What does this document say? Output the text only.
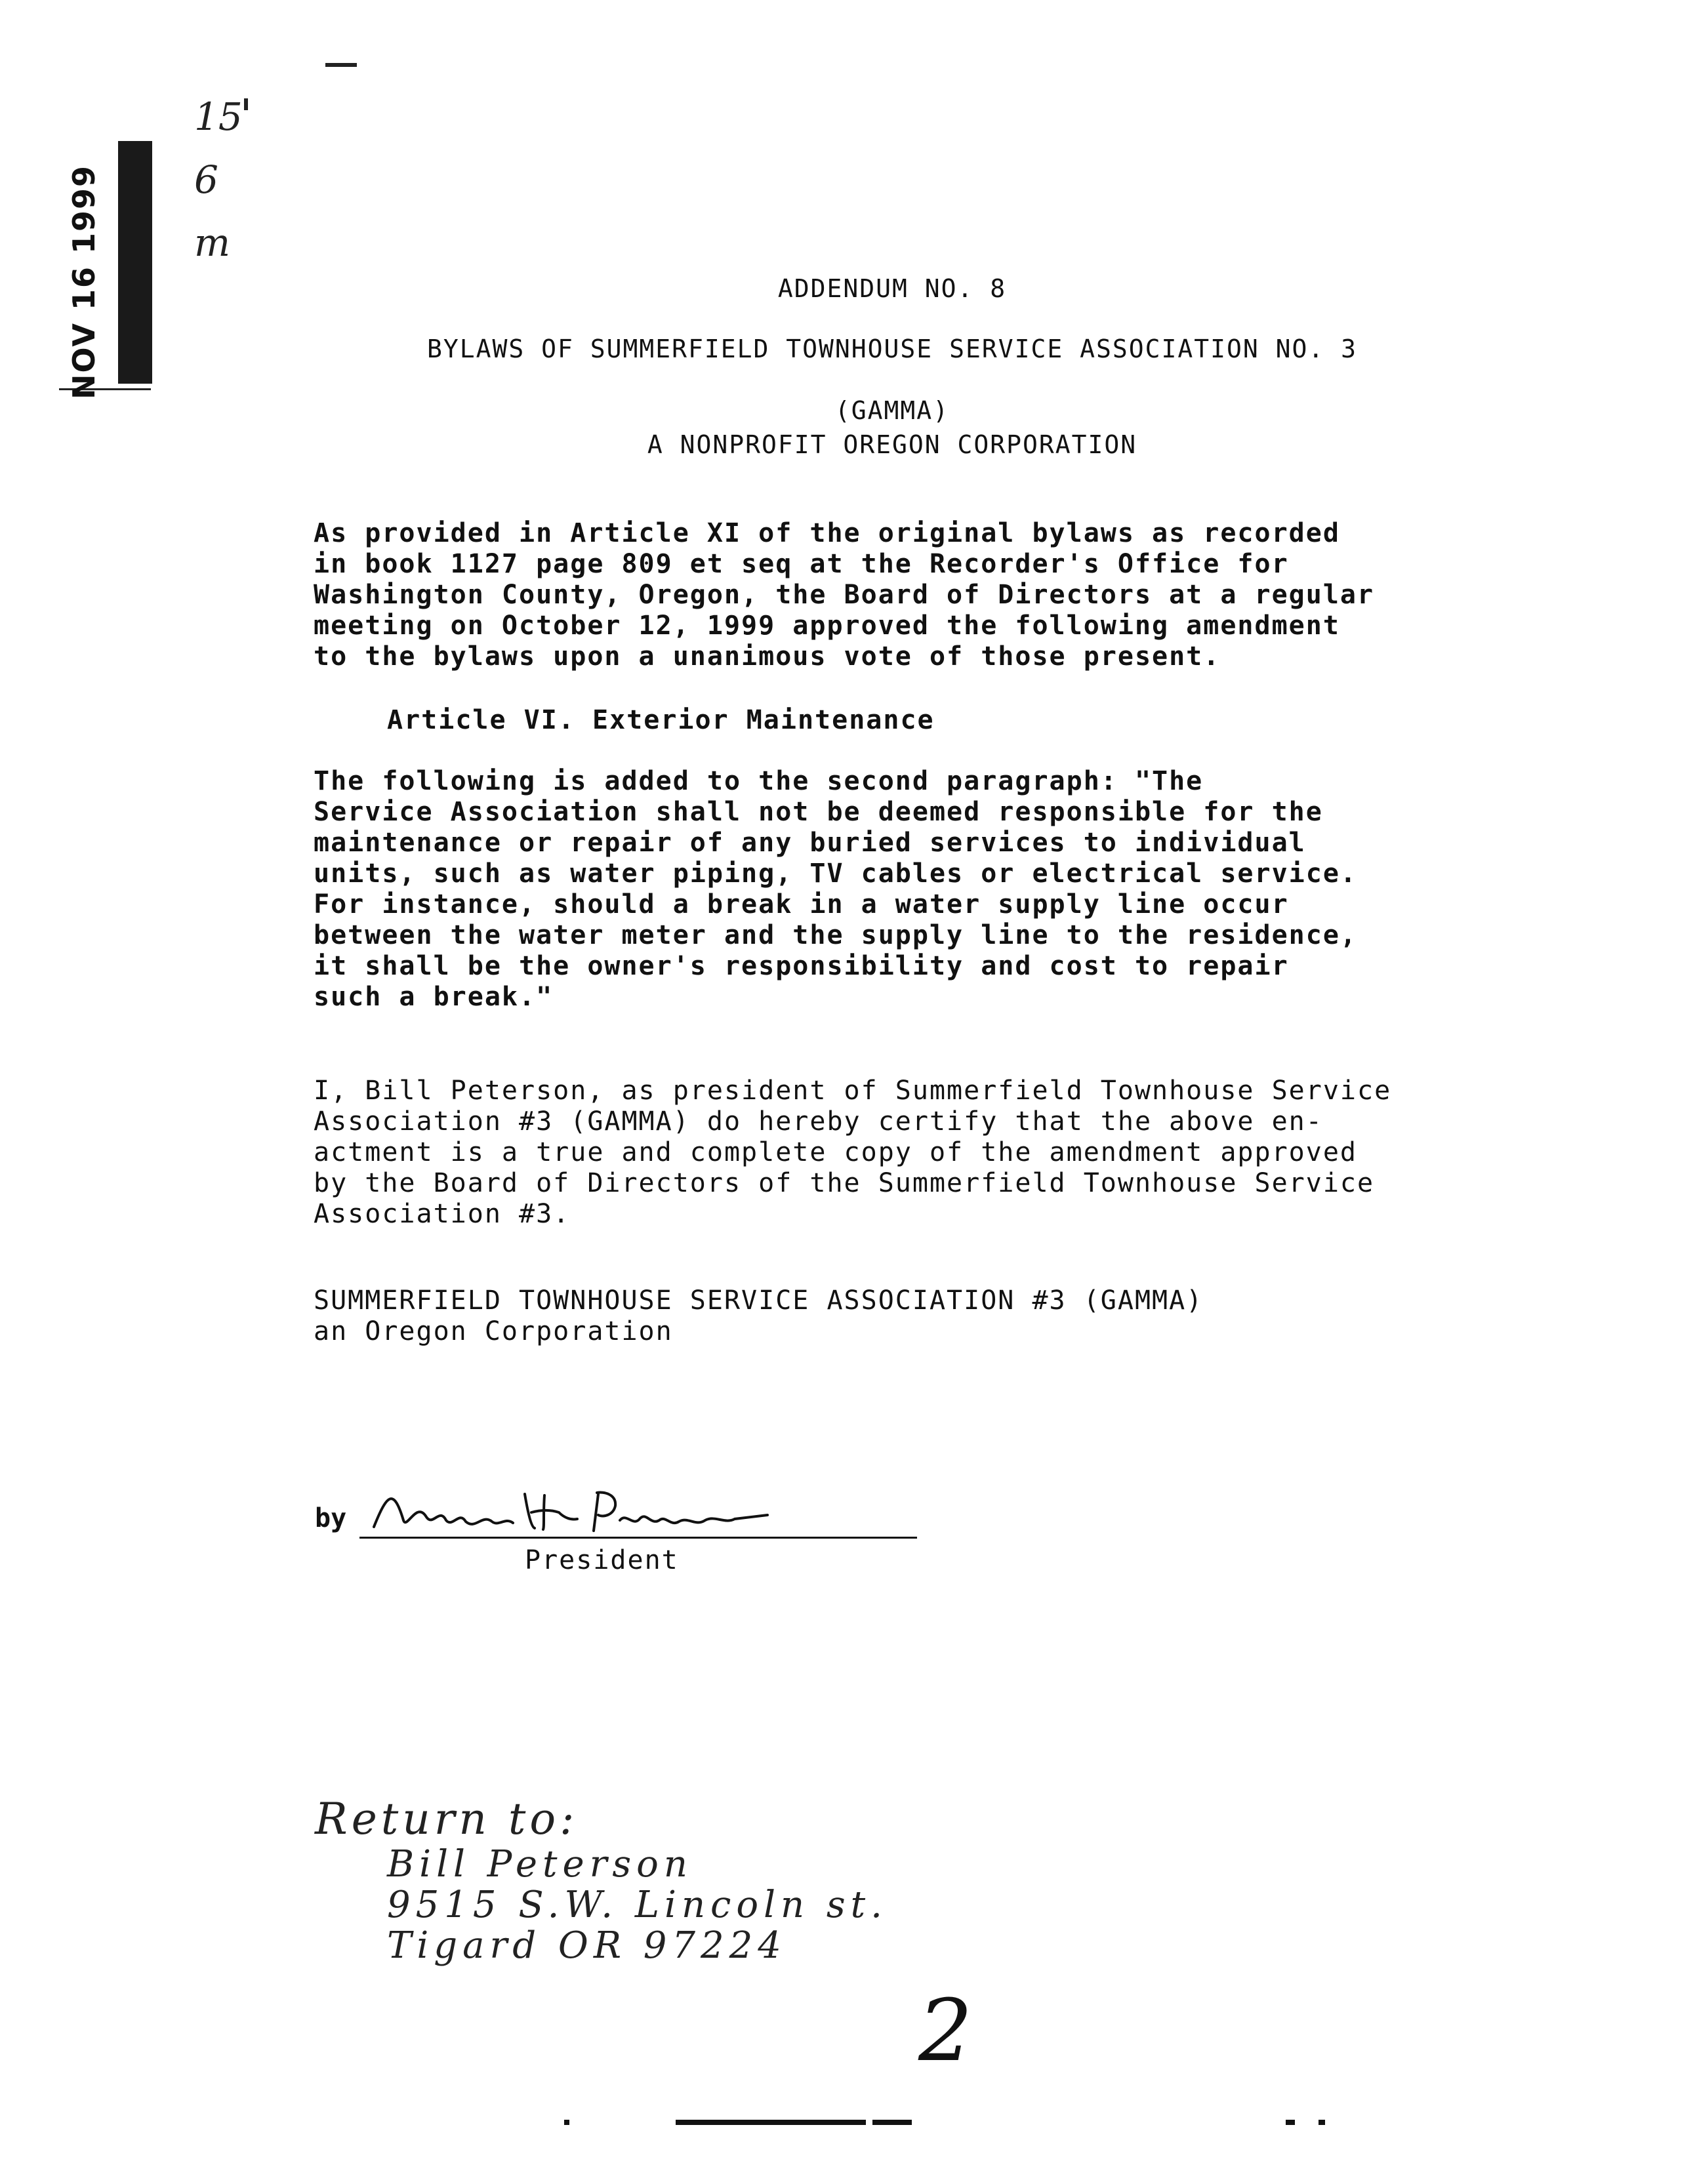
NOV 16 1999
15
6
m
ADDENDUM NO. 8
BYLAWS OF SUMMERFIELD TOWNHOUSE SERVICE ASSOCIATION NO. 3
(GAMMA)
A NONPROFIT OREGON CORPORATION

As provided in Article XI of the original bylaws as recorded
in book 1127 page 809 et seq at the Recorder's Office for
Washington County, Oregon, the Board of Directors at a regular
meeting on October 12, 1999 approved the following amendment
to the bylaws upon a unanimous vote of those present.

Article VI. Exterior Maintenance

The following is added to the second paragraph: "The
Service Association shall not be deemed responsible for the
maintenance or repair of any buried services to individual
units, such as water piping, TV cables or electrical service.
For instance, should a break in a water supply line occur
between the water meter and the supply line to the residence,
it shall be the owner's responsibility and cost to repair
such a break."

I, Bill Peterson, as president of Summerfield Townhouse Service
Association #3 (GAMMA) do hereby certify that the above en-
actment is a true and complete copy of the amendment approved
by the Board of Directors of the Summerfield Townhouse Service
Association #3.

SUMMERFIELD TOWNHOUSE SERVICE ASSOCIATION #3 (GAMMA)

an Oregon Corporation

by
President
Return to:
Bill Peterson
9515 S.W. Lincoln st.
Tigard OR 97224
2
